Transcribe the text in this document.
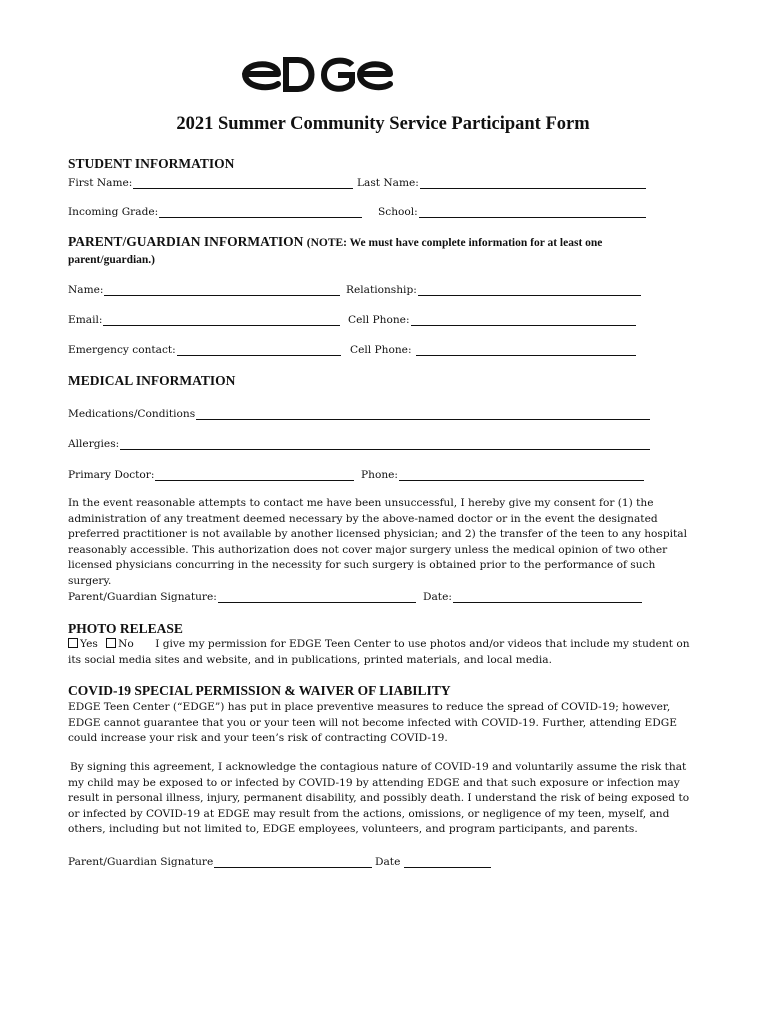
2021 Summer Community Service Participant Form
STUDENT INFORMATION
First Name:	Last Name:
Incoming Grade:	School:
PARENT/GUARDIAN INFORMATION (NOTE: We must have complete information for at least one parent/guardian.)
Name:	Relationship:
Email:	Cell Phone:
Emergency contact:	Cell Phone:
MEDICAL INFORMATION
Medications/Conditions
Allergies:
Primary Doctor:	Phone:

In the event reasonable attempts to contact me have been unsuccessful, I hereby give my consent for (1) the administration of any treatment deemed necessary by the above-named doctor or in the event the designated preferred practitioner is not available by another licensed physician; and 2) the transfer of the teen to any hospital reasonably accessible. This authorization does not cover major surgery unless the medical opinion of two other licensed physicians concurring in the necessity for such surgery is obtained prior to the performance of such surgery.

Parent/Guardian Signature:	Date:
PHOTO RELEASE

Yes No I give my permission for EDGE Teen Center to use photos and/or videos that include my student on its social media sites and website, and in publications, printed materials, and local media.

COVID-19 SPECIAL PERMISSION & WAIVER OF LIABILITY

EDGE Teen Center (“EDGE”) has put in place preventive measures to reduce the spread of COVID-19; however, EDGE cannot guarantee that you or your teen will not become infected with COVID-19. Further, attending EDGE could increase your risk and your teen’s risk of contracting COVID-19.

By signing this agreement, I acknowledge the contagious nature of COVID-19 and voluntarily assume the risk that my child may be exposed to or infected by COVID-19 by attending EDGE and that such exposure or infection may result in personal illness, injury, permanent disability, and possibly death. I understand the risk of being exposed to or infected by COVID-19 at EDGE may result from the actions, omissions, or negligence of my teen, myself, and others, including but not limited to, EDGE employees, volunteers, and program participants, and parents.

Parent/Guardian Signature	Date
